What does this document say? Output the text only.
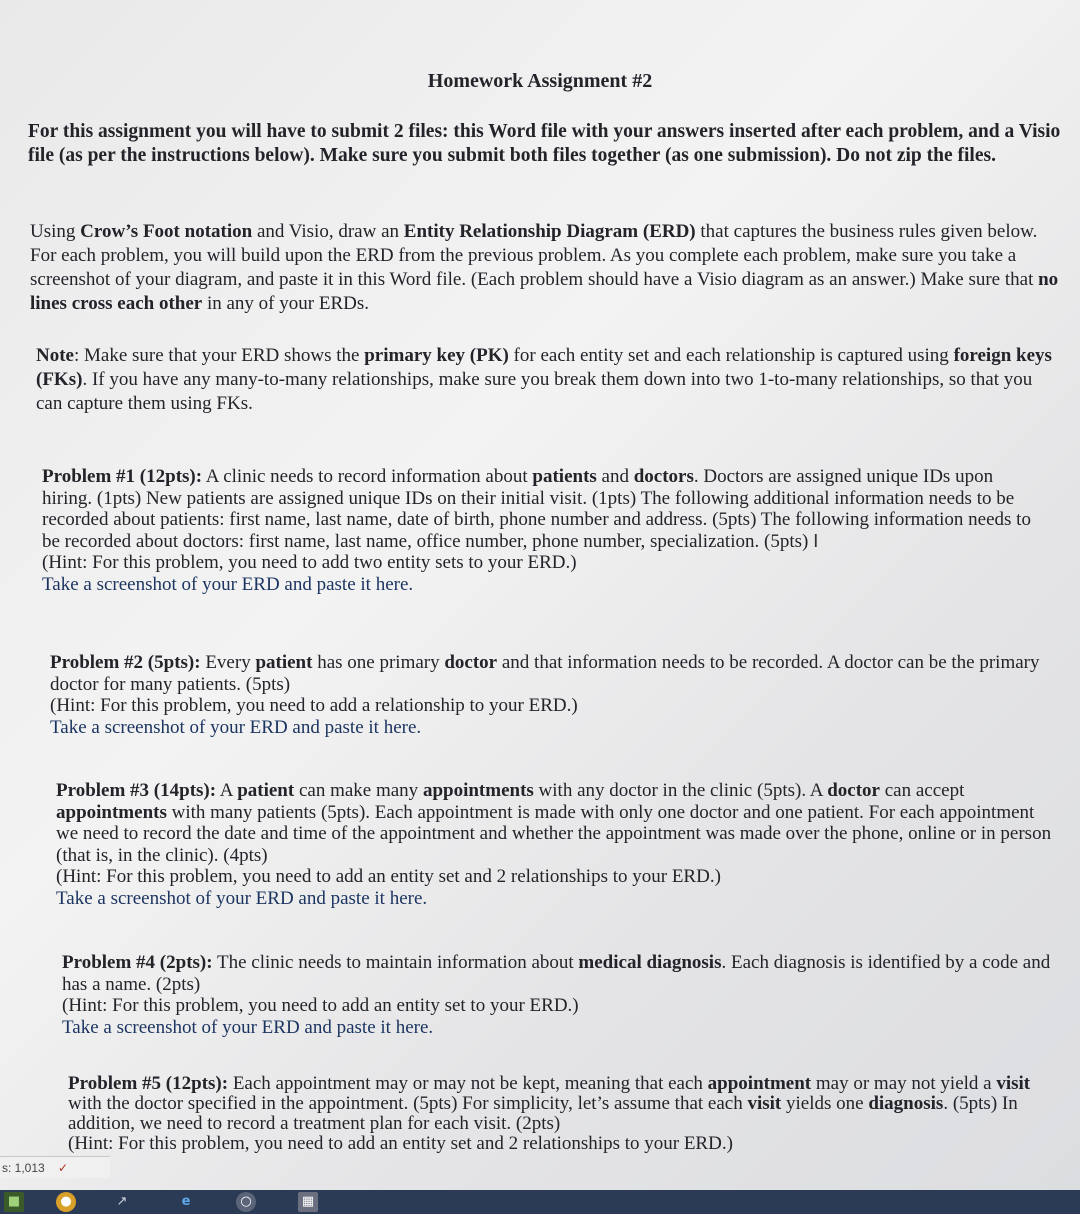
Homework Assignment #2

For this assignment you will have to submit 2 files: this Word file with your answers inserted after each problem, and a Visio file (as per the instructions below). Make sure you submit both files together (as one submission). Do not zip the files.

Using Crow’s Foot notation and Visio, draw an Entity Relationship Diagram (ERD) that captures the business rules given below. For each problem, you will build upon the ERD from the previous problem. As you complete each problem, make sure you take a screenshot of your diagram, and paste it in this Word file. (Each problem should have a Visio diagram as an answer.) Make sure that no lines cross each other in any of your ERDs.

Note: Make sure that your ERD shows the primary key (PK) for each entity set and each relationship is captured using foreign keys (FKs). If you have any many-to-many relationships, make sure you break them down into two 1-to-many relationships, so that you can capture them using FKs.

Problem #1 (12pts): A clinic needs to record information about patients and doctors. Doctors are assigned unique IDs upon hiring. (1pts) New patients are assigned unique IDs on their initial visit. (1pts) The following additional information needs to be recorded about patients: first name, last name, date of birth, phone number and address. (5pts) The following information needs to be recorded about doctors: first name, last name, office number, phone number, specialization. (5pts) I

(Hint: For this problem, you need to add two entity sets to your ERD.)

Take a screenshot of your ERD and paste it here.

Problem #2 (5pts): Every patient has one primary doctor and that information needs to be recorded. A doctor can be the primary doctor for many patients. (5pts)

(Hint: For this problem, you need to add a relationship to your ERD.)

Take a screenshot of your ERD and paste it here.

Problem #3 (14pts): A patient can make many appointments with any doctor in the clinic (5pts). A doctor can accept appointments with many patients (5pts). Each appointment is made with only one doctor and one patient. For each appointment we need to record the date and time of the appointment and whether the appointment was made over the phone, online or in person (that is, in the clinic). (4pts)

(Hint: For this problem, you need to add an entity set and 2 relationships to your ERD.)

Take a screenshot of your ERD and paste it here.

Problem #4 (2pts): The clinic needs to maintain information about medical diagnosis. Each diagnosis is identified by a code and has a name. (2pts)

(Hint: For this problem, you need to add an entity set to your ERD.)

Take a screenshot of your ERD and paste it here.

Problem #5 (12pts): Each appointment may or may not be kept, meaning that each appointment may or may not yield a visit with the doctor specified in the appointment. (5pts) For simplicity, let’s assume that each visit yields one diagnosis. (5pts) In addition, we need to record a treatment plan for each visit. (2pts)

(Hint: For this problem, you need to add an entity set and 2 relationships to your ERD.)

s: 1,013 ✓
■	●	↗	e	○	▦
